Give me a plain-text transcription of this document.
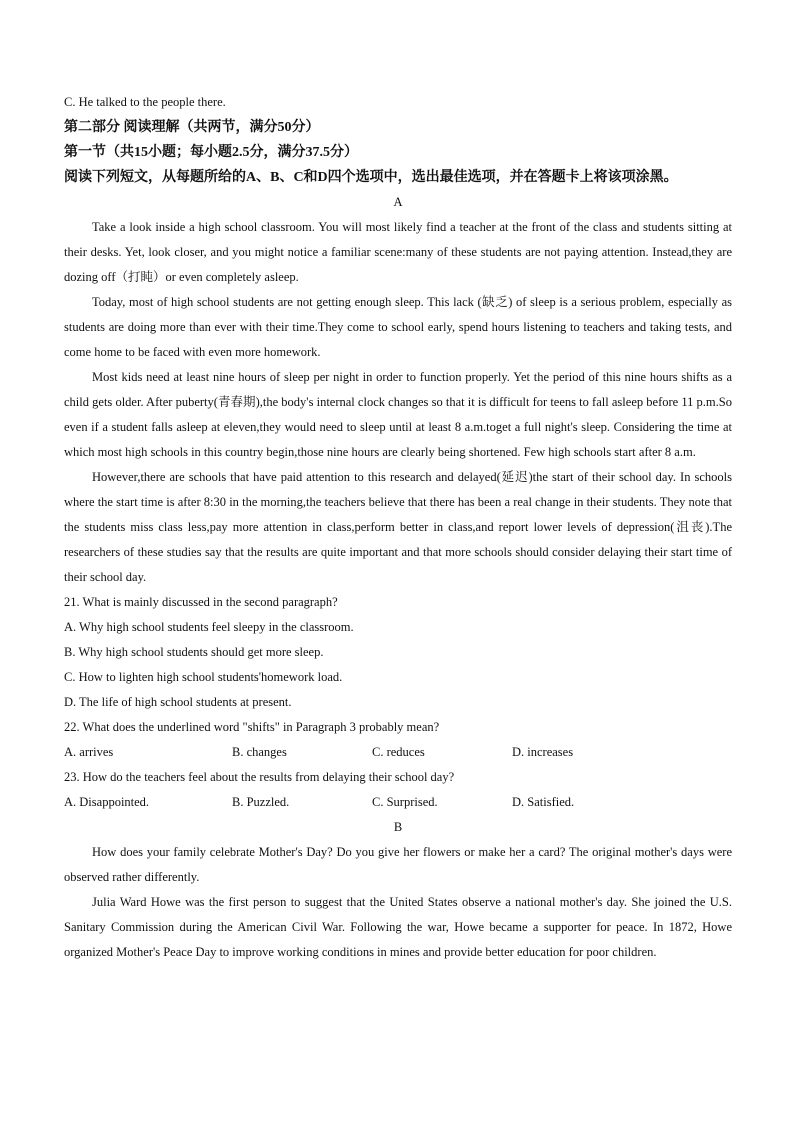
C. He talked to the people there.
第二部分 阅读理解（共两节，满分50分）
第一节（共15小题；每小题2.5分，满分37.5分）
阅读下列短文，从每题所给的A、B、C和D四个选项中，选出最佳选项，并在答题卡上将该项涂黑。
A

Take a look inside a high school classroom. You will most likely find a teacher at the front of the class and students sitting at their desks. Yet, look closer, and you might notice a familiar scene:many of these students are not paying attention. Instead,they are dozing off（打盹）or even completely asleep.

Today, most of high school students are not getting enough sleep. This lack (缺乏) of sleep is a serious problem, especially as students are doing more than ever with their time.They come to school early, spend hours listening to teachers and taking tests, and come home to be faced with even more homework.

Most kids need at least nine hours of sleep per night in order to function properly. Yet the period of this nine hours shifts as a child gets older. After puberty(青春期),the body's internal clock changes so that it is difficult for teens to fall asleep before 11 p.m.So even if a student falls asleep at eleven,they would need to sleep until at least 8 a.m.toget a full night's sleep. Considering the time at which most high schools in this country begin,those nine hours are clearly being shortened. Few high schools start after 8 a.m.

However,there are schools that have paid attention to this research and delayed(延迟)the start of their school day. In schools where the start time is after 8:30 in the morning,the teachers believe that there has been a real change in their students. They note that the students miss class less,pay more attention in class,perform better in class,and report lower levels of depression(沮丧).The researchers of these studies say that the results are quite important and that more schools should consider delaying their start time of their school day.

21. What is mainly discussed in the second paragraph?
A. Why high school students feel sleepy in the classroom.
B. Why high school students should get more sleep.
C. How to lighten high school students'homework load.
D. The life of high school students at present.
22. What does the underlined word "shifts" in Paragraph 3 probably mean?
A. arrives	B. changes	C. reduces	D. increases
23. How do the teachers feel about the results from delaying their school day?
A. Disappointed.	B. Puzzled.	C. Surprised.	D. Satisfied.
B

How does your family celebrate Mother's Day? Do you give her flowers or make her a card? The original mother's days were observed rather differently.

Julia Ward Howe was the first person to suggest that the United States observe a national mother's day. She joined the U.S. Sanitary Commission during the American Civil War. Following the war, Howe became a supporter for peace. In 1872, Howe organized Mother's Peace Day to improve working conditions in mines and provide better education for poor children.
